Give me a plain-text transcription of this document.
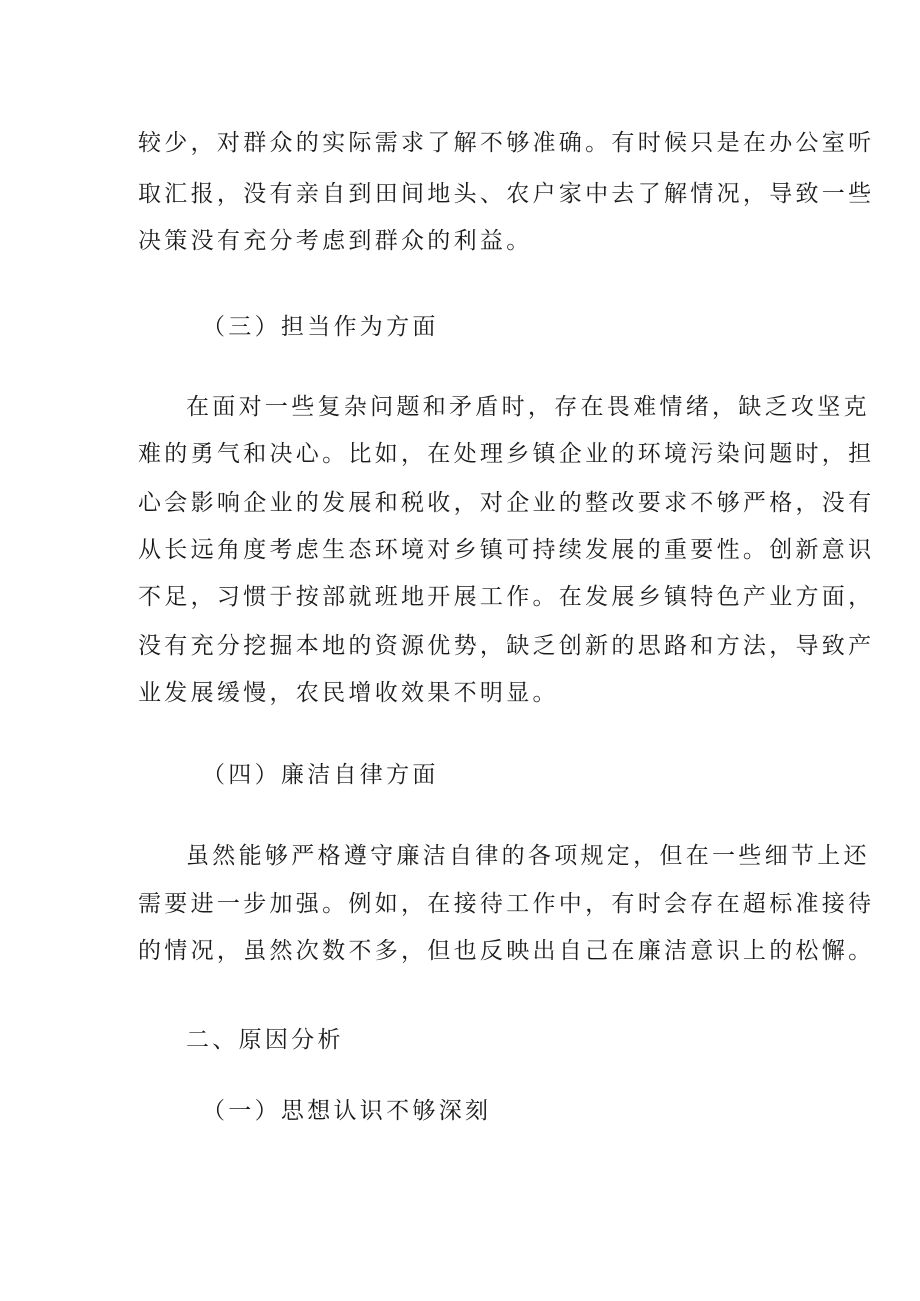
较少，对群众的实际需求了解不够准确。有时候只是在办公室听
取汇报，没有亲自到田间地头、农户家中去了解情况，导致一些
决策没有充分考虑到群众的利益。
（三）担当作为方面
在面对一些复杂问题和矛盾时，存在畏难情绪，缺乏攻坚克
难的勇气和决心。比如，在处理乡镇企业的环境污染问题时，担
心会影响企业的发展和税收，对企业的整改要求不够严格，没有
从长远角度考虑生态环境对乡镇可持续发展的重要性。创新意识
不足，习惯于按部就班地开展工作。在发展乡镇特色产业方面，
没有充分挖掘本地的资源优势，缺乏创新的思路和方法，导致产
业发展缓慢，农民增收效果不明显。
（四）廉洁自律方面
虽然能够严格遵守廉洁自律的各项规定，但在一些细节上还
需要进一步加强。例如，在接待工作中，有时会存在超标准接待
的情况，虽然次数不多，但也反映出自己在廉洁意识上的松懈。
二、原因分析
（一）思想认识不够深刻
